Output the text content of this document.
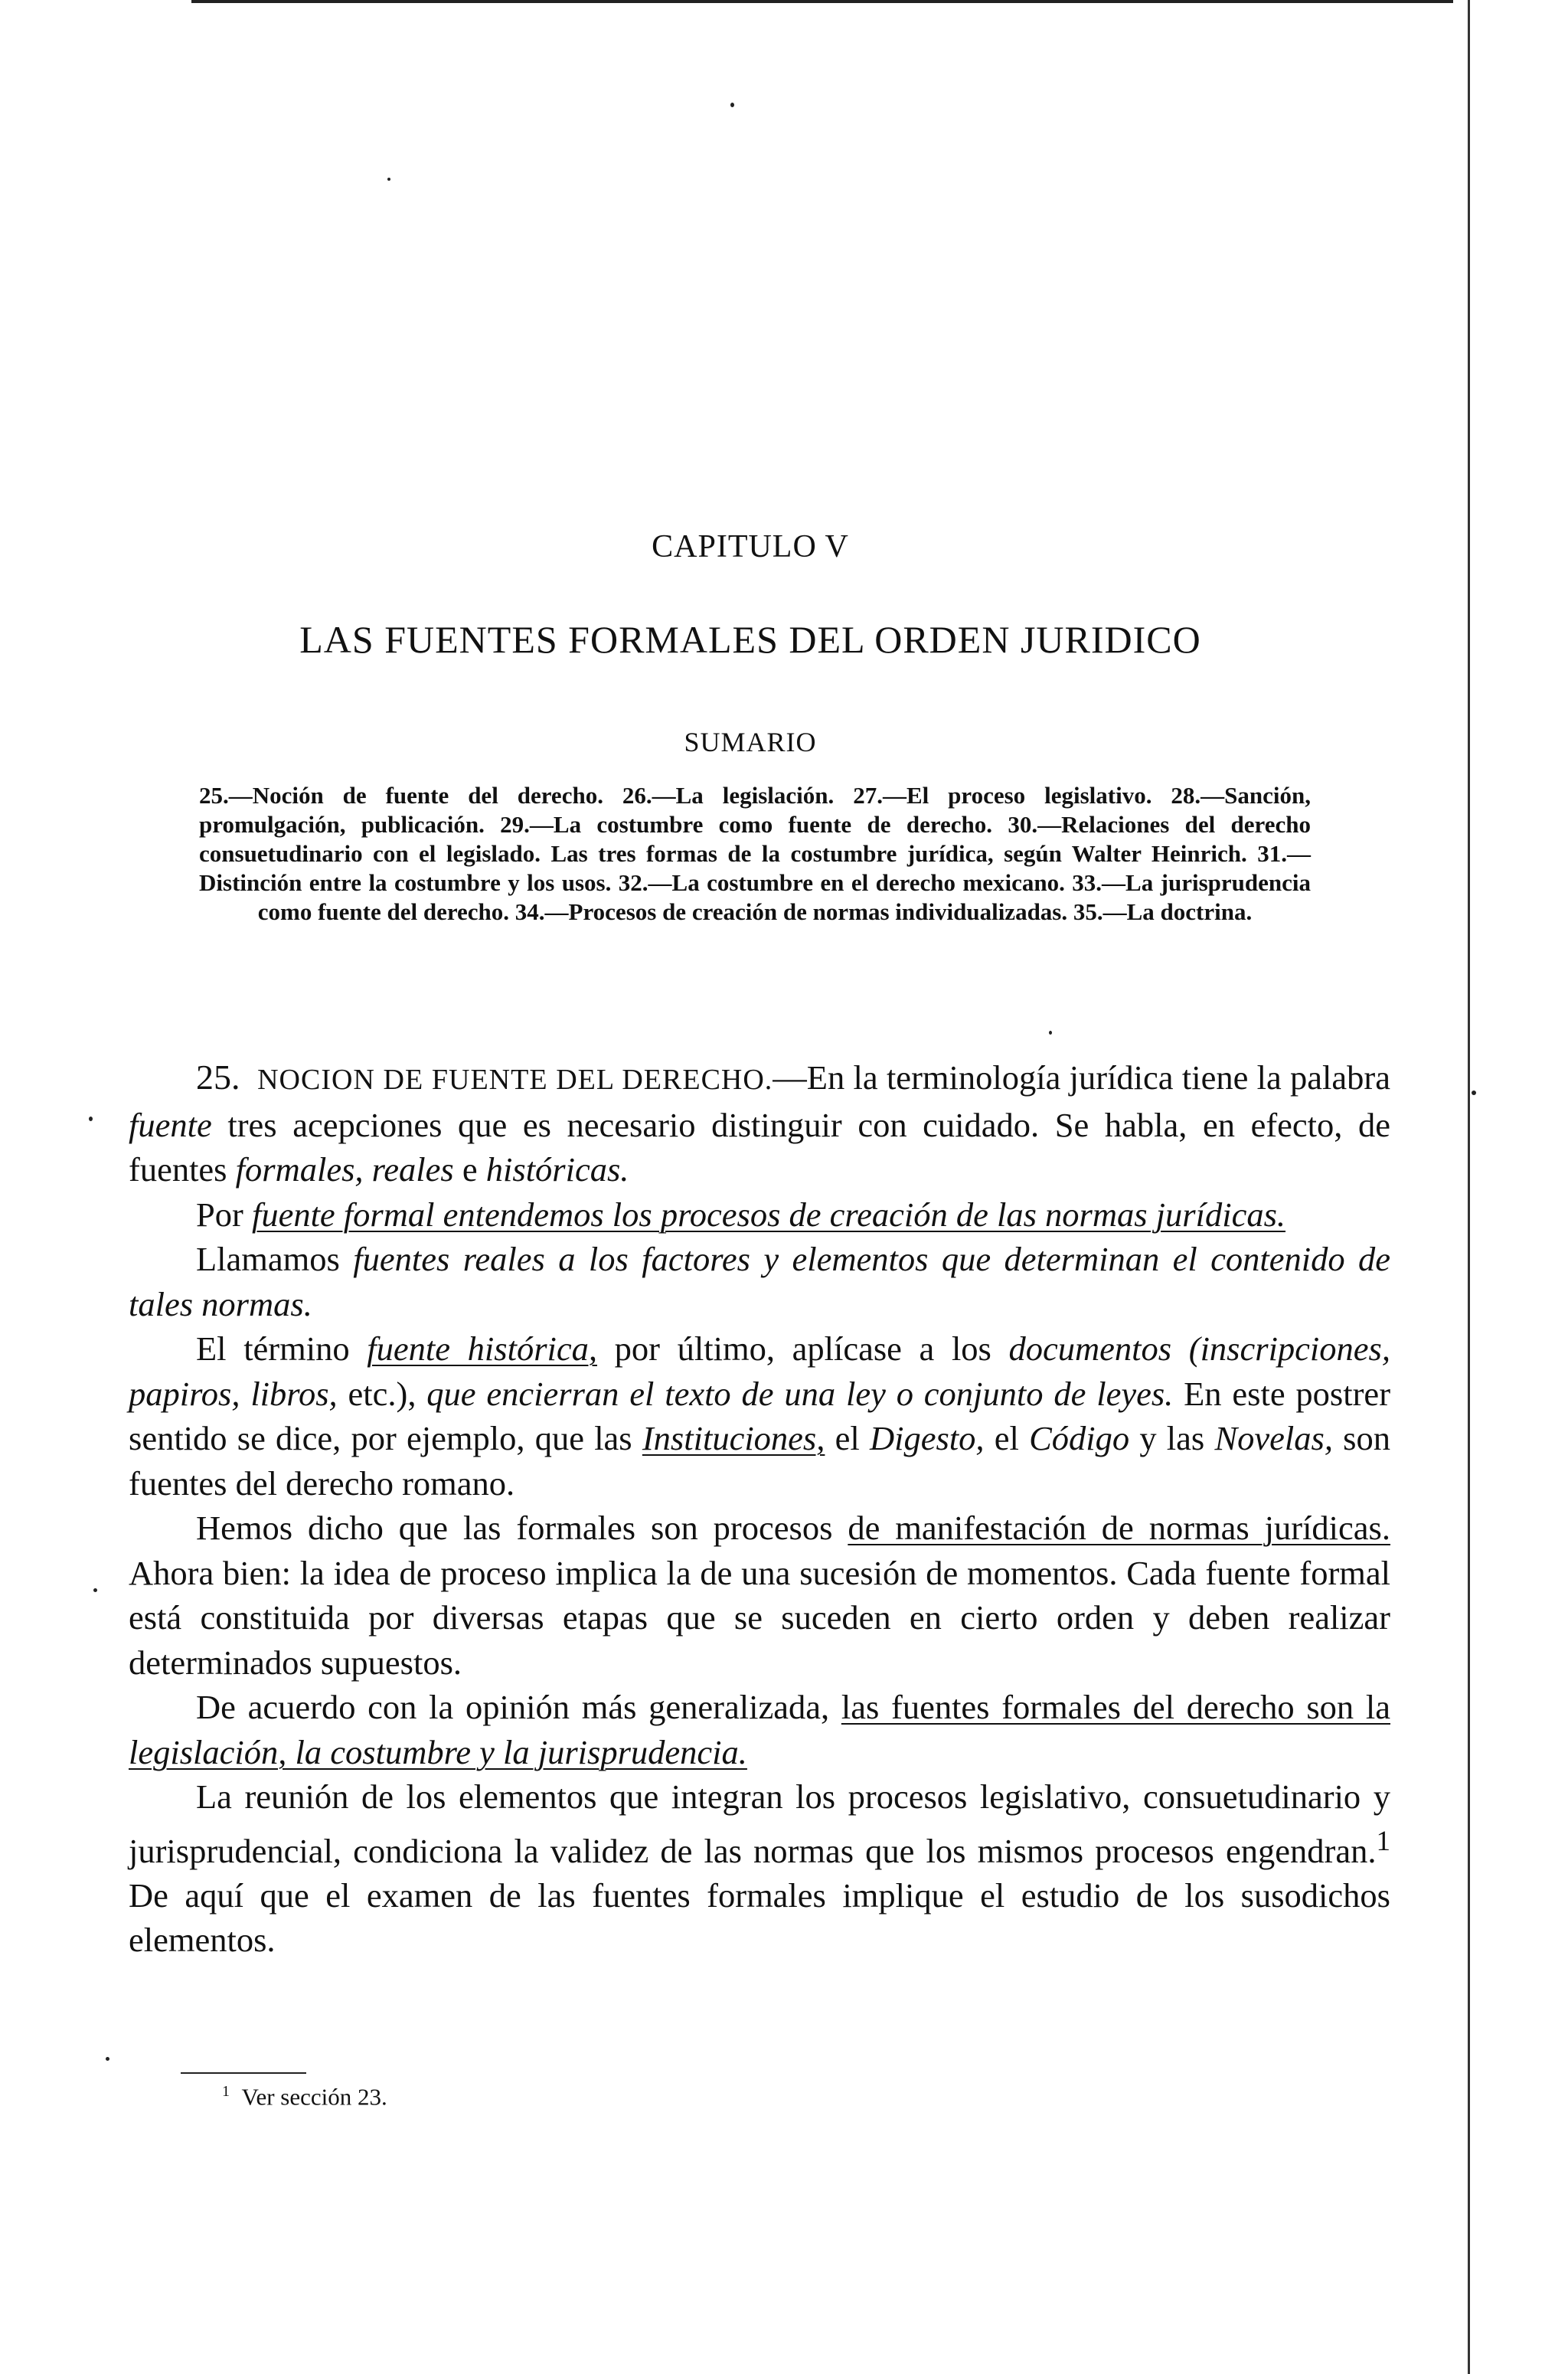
CAPITULO V
LAS FUENTES FORMALES DEL ORDEN JURIDICO
SUMARIO
25.—Noción de fuente del derecho. 26.—La legislación. 27.—El proceso legislativo. 28.—Sanción, promulgación, publicación. 29.—La costumbre como fuente de derecho. 30.—Relaciones del derecho consuetudinario con el legislado. Las tres formas de la costumbre jurídica, según Walter Heinrich. 31.—Distinción entre la costumbre y los usos. 32.—La costumbre en el derecho mexicano. 33.—La jurisprudencia como fuente del derecho. 34.—Procesos de creación de normas individualizadas. 35.—La doctrina.

25. NOCION DE FUENTE DEL DERECHO.—En la terminología jurídica tiene la palabra fuente tres acepciones que es necesario distinguir con cuidado. Se habla, en efecto, de fuentes formales, reales e históricas.

Por fuente formal entendemos los procesos de creación de las normas jurídicas.

Llamamos fuentes reales a los factores y elementos que determinan el contenido de tales normas.

El término fuente histórica, por último, aplícase a los documentos (inscripciones, papiros, libros, etc.), que encierran el texto de una ley o conjunto de leyes. En este postrer sentido se dice, por ejemplo, que las Instituciones, el Digesto, el Código y las Novelas, son fuentes del derecho romano.

Hemos dicho que las formales son procesos de manifestación de normas jurídicas. Ahora bien: la idea de proceso implica la de una sucesión de momentos. Cada fuente formal está constituida por diversas etapas que se suceden en cierto orden y deben realizar determinados supuestos.

De acuerdo con la opinión más generalizada, las fuentes formales del derecho son la legislación, la costumbre y la jurisprudencia.

La reunión de los elementos que integran los procesos legislativo, consuetudinario y jurisprudencial, condiciona la validez de las normas que los mismos procesos engendran.$^1$ De aquí que el examen de las fuentes formales implique el estudio de los susodichos elementos.

$^1$ Ver sección 23.
